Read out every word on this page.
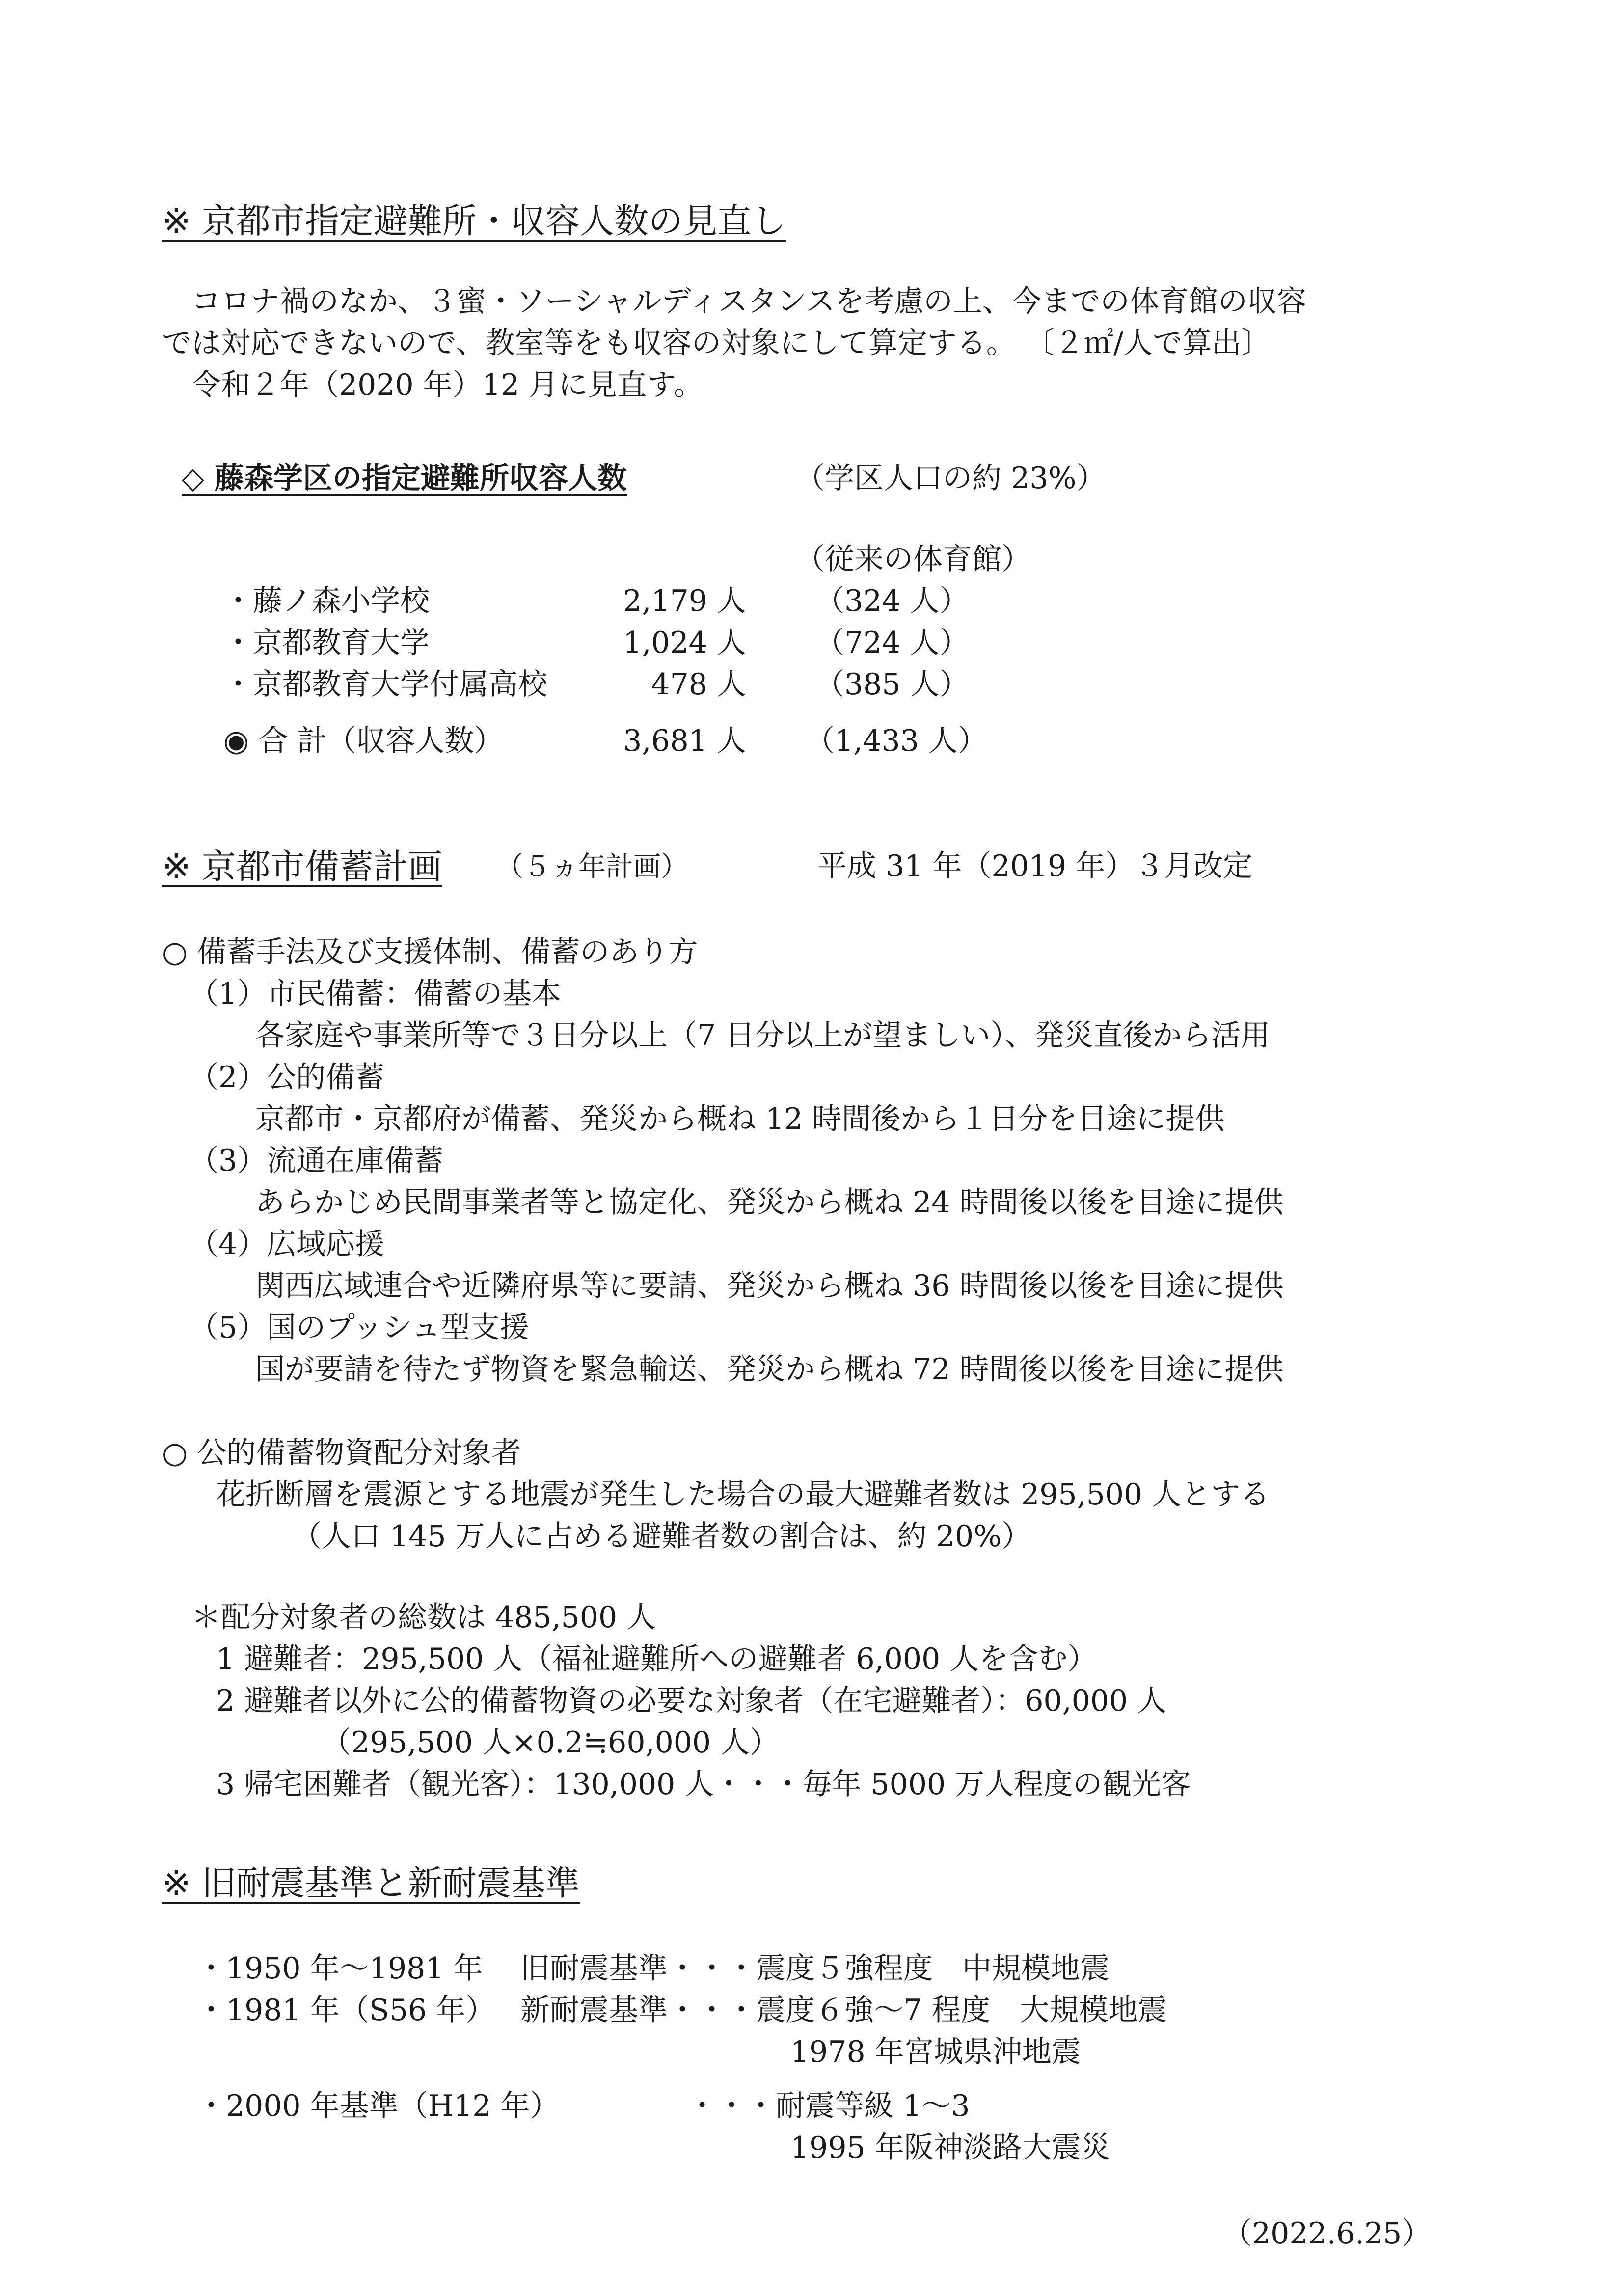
※ 京都市指定避難所・収容人数の見直し
コロナ禍のなか、３蜜・ソーシャルディスタンスを考慮の上、今までの体育館の収容
では対応できないので、教室等をも収容の対象にして算定する。 〔２㎡/人で算出〕
令和２年（2020 年）12 月に見直す。
◇ 藤森学区の指定避難所収容人数	（学区人口の約 23%）
（従来の体育館）
・藤ノ森小学校	2,179 人 （324 人）
・京都教育大学	1,024 人 （724 人）
・京都教育大学付属高校	478 人 （385 人）
◉ 合 計（収容人数）	3,681 人 （1,433 人）
※ 京都市備蓄計画 （５ヵ年計画）	平成 31 年（2019 年）３月改定
○ 備蓄手法及び支援体制、備蓄のあり方
（1）市民備蓄：備蓄の基本
各家庭や事業所等で３日分以上（7 日分以上が望ましい）、発災直後から活用
（2）公的備蓄
京都市・京都府が備蓄、発災から概ね 12 時間後から１日分を目途に提供
（3）流通在庫備蓄
あらかじめ民間事業者等と協定化、発災から概ね 24 時間後以後を目途に提供
（4）広域応援
関西広域連合や近隣府県等に要請、発災から概ね 36 時間後以後を目途に提供
（5）国のプッシュ型支援
国が要請を待たず物資を緊急輸送、発災から概ね 72 時間後以後を目途に提供
○ 公的備蓄物資配分対象者
花折断層を震源とする地震が発生した場合の最大避難者数は 295,500 人とする
（人口 145 万人に占める避難者数の割合は、約 20%）
＊配分対象者の総数は 485,500 人
1 避難者：295,500 人（福祉避難所への避難者 6,000 人を含む）
2 避難者以外に公的備蓄物資の必要な対象者（在宅避難者）：60,000 人
（295,500 人×0.2≒60,000 人）
3 帰宅困難者（観光客）：130,000 人・・・毎年 5000 万人程度の観光客
※ 旧耐震基準と新耐震基準
・1950 年〜1981 年 旧耐震基準・・・震度５強程度　中規模地震
・1981 年（S56 年） 新耐震基準・・・震度６強〜7 程度　大規模地震
1978 年宮城県沖地震
・2000 年基準（H12 年）	・・・耐震等級 1〜3
1995 年阪神淡路大震災
（2022.6.25）
